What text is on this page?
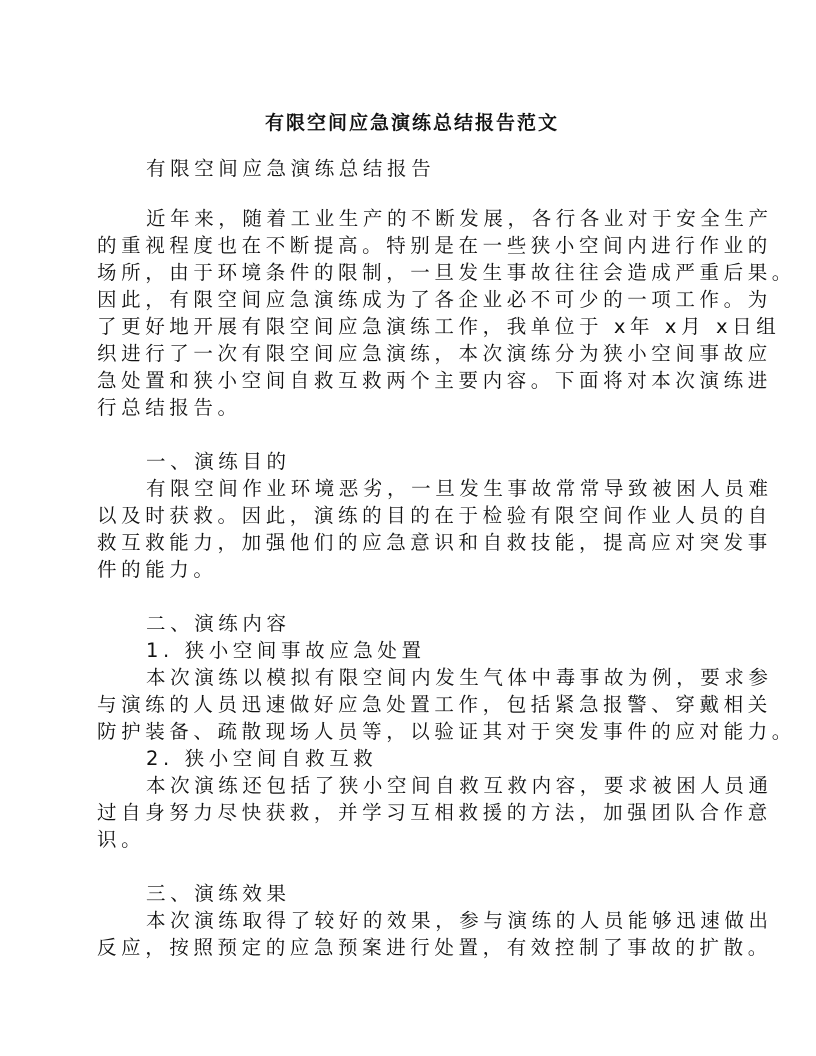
有限空间应急演练总结报告范文
有限空间应急演练总结报告
近年来，随着工业生产的不断发展，各行各业对于安全生产
的重视程度也在不断提高。特别是在一些狭小空间内进行作业的
场所，由于环境条件的限制，一旦发生事故往往会造成严重后果。
因此，有限空间应急演练成为了各企业必不可少的一项工作。为
了更好地开展有限空间应急演练工作，我单位于 x年 x月 x日组
织进行了一次有限空间应急演练，本次演练分为狭小空间事故应
急处置和狭小空间自救互救两个主要内容。下面将对本次演练进
行总结报告。
一、演练目的
有限空间作业环境恶劣，一旦发生事故常常导致被困人员难
以及时获救。因此，演练的目的在于检验有限空间作业人员的自
救互救能力，加强他们的应急意识和自救技能，提高应对突发事
件的能力。
二、演练内容
1. 狭小空间事故应急处置
本次演练以模拟有限空间内发生气体中毒事故为例，要求参
与演练的人员迅速做好应急处置工作，包括紧急报警、穿戴相关
防护装备、疏散现场人员等，以验证其对于突发事件的应对能力。
2. 狭小空间自救互救
本次演练还包括了狭小空间自救互救内容，要求被困人员通
过自身努力尽快获救，并学习互相救援的方法，加强团队合作意
识。
三、演练效果
本次演练取得了较好的效果，参与演练的人员能够迅速做出
反应，按照预定的应急预案进行处置，有效控制了事故的扩散。
